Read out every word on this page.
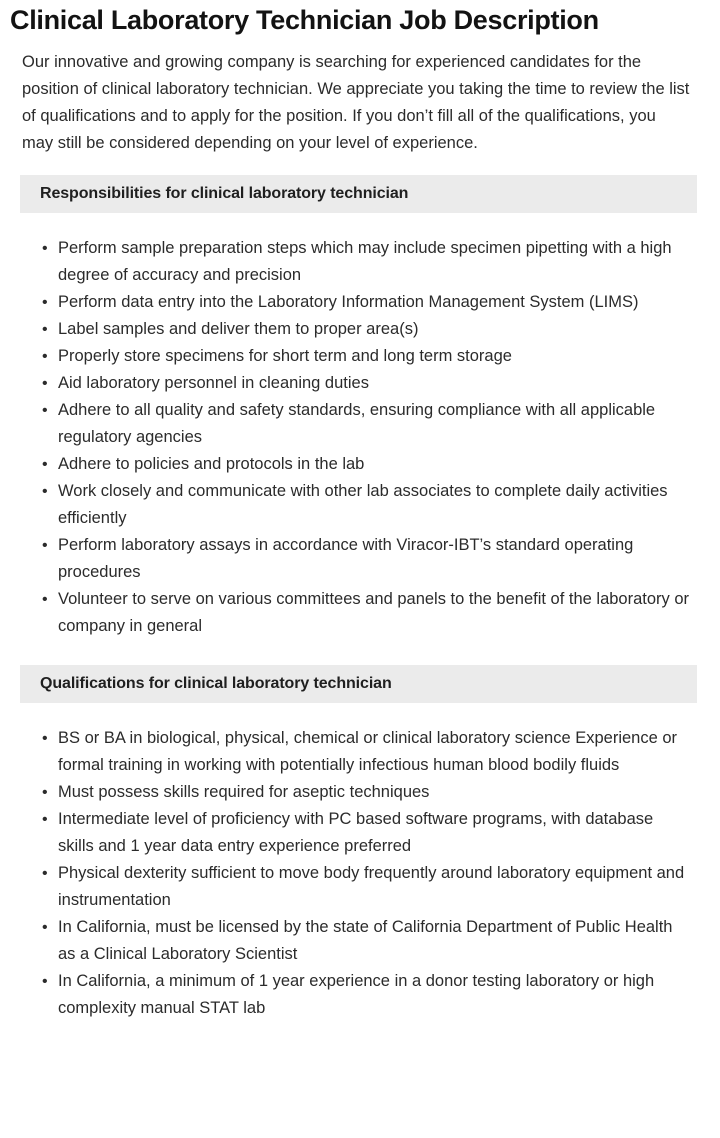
Clinical Laboratory Technician Job Description

Our innovative and growing company is searching for experienced candidates for the position of clinical laboratory technician. We appreciate you taking the time to review the list of qualifications and to apply for the position. If you don’t fill all of the qualifications, you may still be considered depending on your level of experience.

Responsibilities for clinical laboratory technician
• Perform sample preparation steps which may include specimen pipetting with a high degree of accuracy and precision
• Perform data entry into the Laboratory Information Management System (LIMS)
• Label samples and deliver them to proper area(s)
• Properly store specimens for short term and long term storage
• Aid laboratory personnel in cleaning duties
• Adhere to all quality and safety standards, ensuring compliance with all applicable regulatory agencies
• Adhere to policies and protocols in the lab
• Work closely and communicate with other lab associates to complete daily activities efficiently
• Perform laboratory assays in accordance with Viracor-IBT’s standard operating procedures
• Volunteer to serve on various committees and panels to the benefit of the laboratory or company in general
Qualifications for clinical laboratory technician
• BS or BA in biological, physical, chemical or clinical laboratory science Experience or formal training in working with potentially infectious human blood bodily fluids
• Must possess skills required for aseptic techniques
• Intermediate level of proficiency with PC based software programs, with database skills and 1 year data entry experience preferred
• Physical dexterity sufficient to move body frequently around laboratory equipment and instrumentation
• In California, must be licensed by the state of California Department of Public Health as a Clinical Laboratory Scientist
• In California, a minimum of 1 year experience in a donor testing laboratory or high complexity manual STAT lab
